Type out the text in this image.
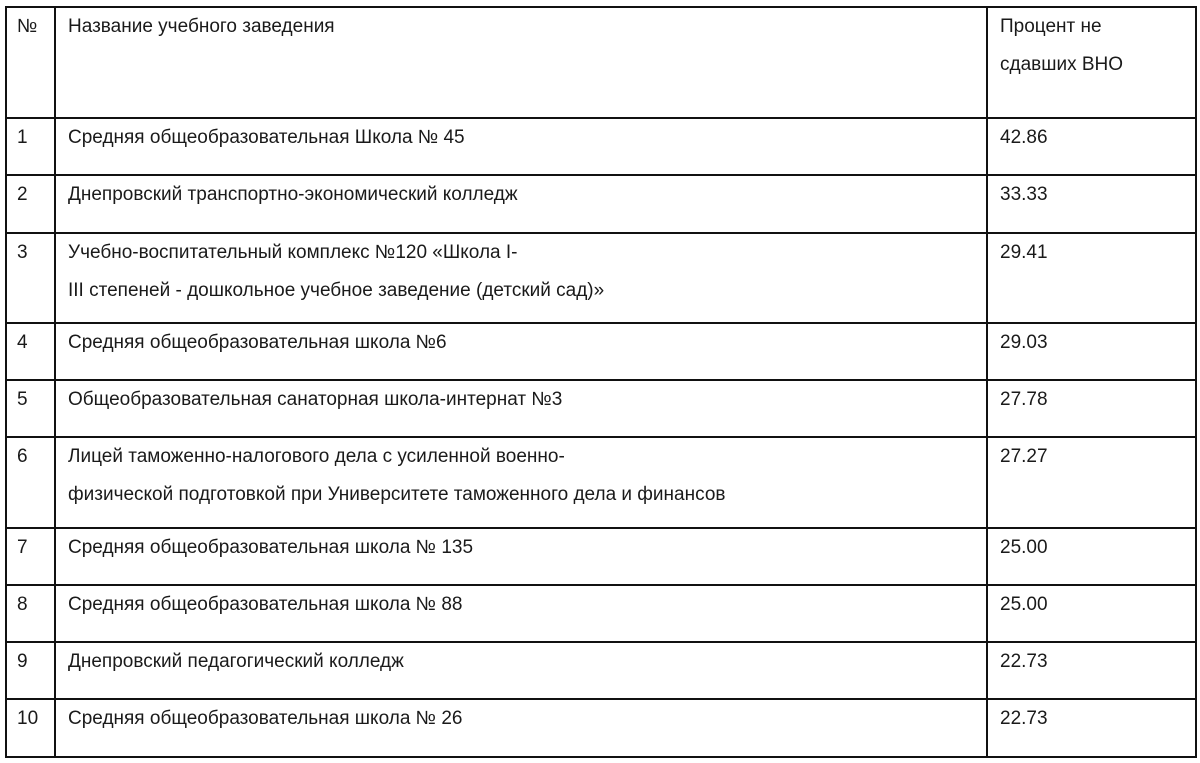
№	Название учебного заведения	Процент не
сдавших ВНО

1	Средняя общеобразовательная Школа № 45	42.86
2	Днепровский транспортно-экономический колледж	33.33
3	Учебно-воспитательный комплекс №120 «Школа I-
III степеней - дошкольное учебное заведение (детский сад)»	29.41
4	Средняя общеобразовательная школа №6	29.03
5	Общеобразовательная санаторная школа-интернат №3	27.78
6	Лицей таможенно-налогового дела с усиленной военно-
физической подготовкой при Университете таможенного дела и финансов	27.27
7	Средняя общеобразовательная школа № 135	25.00
8	Средняя общеобразовательная школа № 88	25.00
9	Днепровский педагогический колледж	22.73
10	Средняя общеобразовательная школа № 26	22.73
